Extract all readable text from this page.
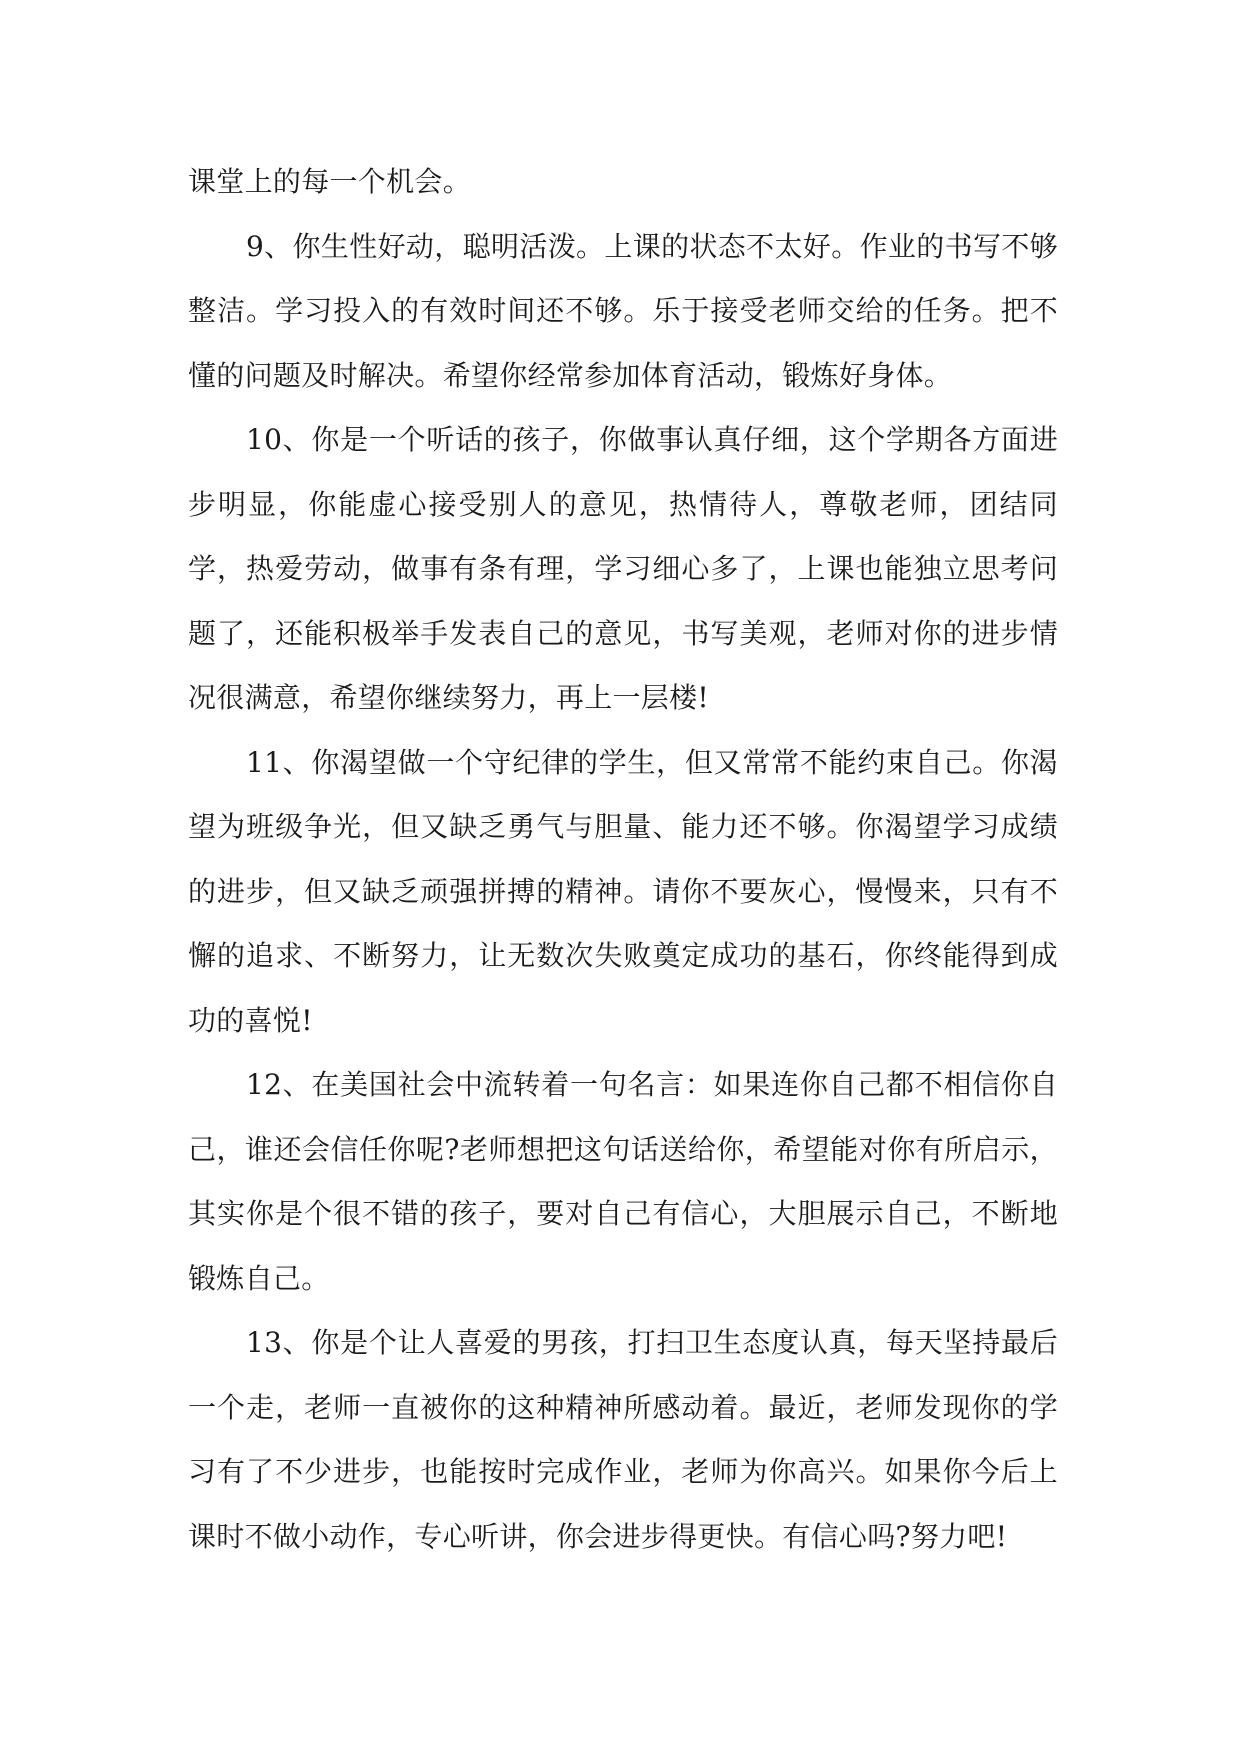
课堂上的每一个机会。

9、你生性好动，聪明活泼。上课的状态不太好。作业的书写不够整洁。学习投入的有效时间还不够。乐于接受老师交给的任务。把不懂的问题及时解决。希望你经常参加体育活动，锻炼好身体。

10、你是一个听话的孩子，你做事认真仔细，这个学期各方面进步明显，你能虚心接受别人的意见，热情待人，尊敬老师，团结同学，热爱劳动，做事有条有理，学习细心多了，上课也能独立思考问题了，还能积极举手发表自己的意见，书写美观，老师对你的进步情况很满意，希望你继续努力，再上一层楼!

11、你渴望做一个守纪律的学生，但又常常不能约束自己。你渴望为班级争光，但又缺乏勇气与胆量、能力还不够。你渴望学习成绩的进步，但又缺乏顽强拼搏的精神。请你不要灰心，慢慢来，只有不懈的追求、不断努力，让无数次失败奠定成功的基石，你终能得到成功的喜悦!

12、在美国社会中流转着一句名言：如果连你自己都不相信你自己，谁还会信任你呢?老师想把这句话送给你，希望能对你有所启示，其实你是个很不错的孩子，要对自己有信心，大胆展示自己，不断地锻炼自己。

13、你是个让人喜爱的男孩，打扫卫生态度认真，每天坚持最后一个走，老师一直被你的这种精神所感动着。最近，老师发现你的学习有了不少进步，也能按时完成作业，老师为你高兴。如果你今后上课时不做小动作，专心听讲，你会进步得更快。有信心吗?努力吧!
